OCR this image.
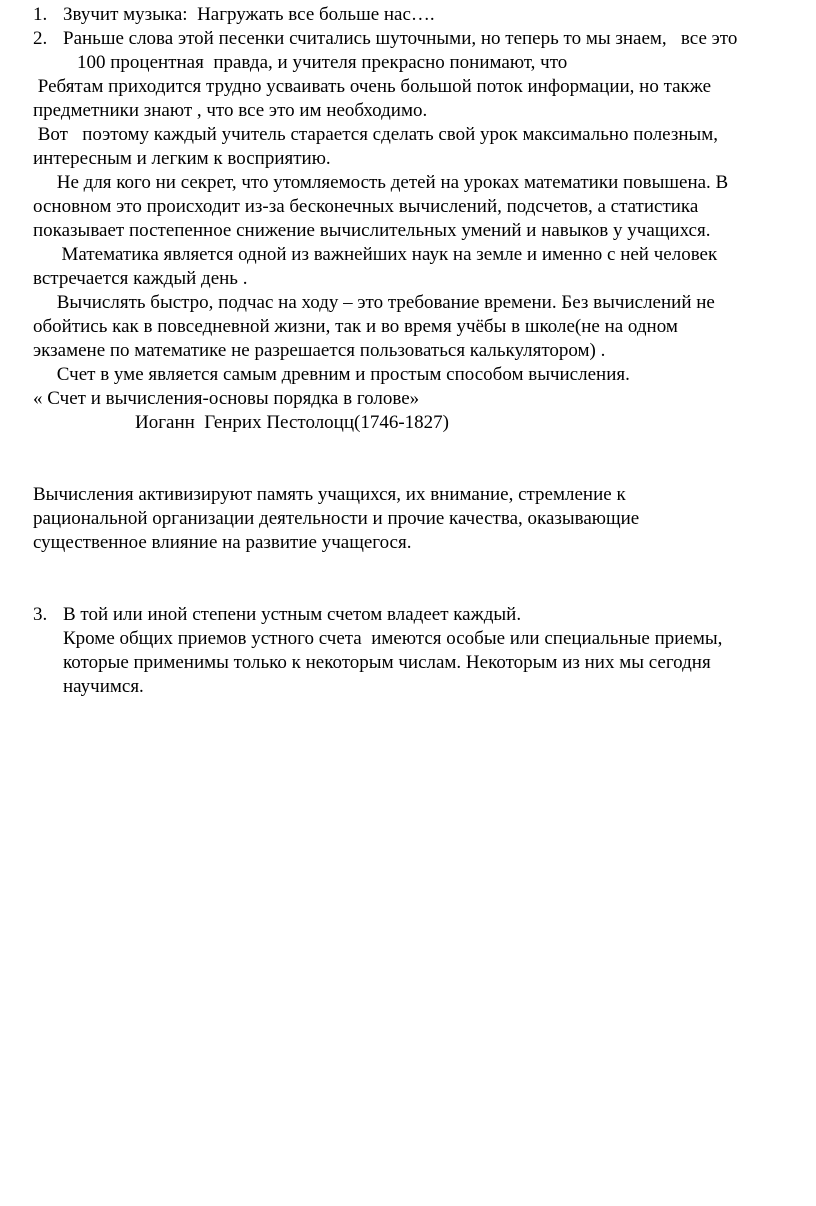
1. Звучит музыка:  Нагружать все больше нас….
2. Раньше слова этой песенки считались шуточными, но теперь то мы знаем,   все это
100 процентная  правда, и учителя прекрасно понимают, что
Ребятам приходится трудно усваивать очень большой поток информации, но также
предметники знают , что все это им необходимо.
Вот   поэтому каждый учитель старается сделать свой урок максимально полезным,
интересным и легким к восприятию.
Не для кого ни секрет, что утомляемость детей на уроках математики повышена. В
основном это происходит из-за бесконечных вычислений, подсчетов, а статистика
показывает постепенное снижение вычислительных умений и навыков у учащихся.
Математика является одной из важнейших наук на земле и именно с ней человек
встречается каждый день .
Вычислять быстро, подчас на ходу – это требование времени. Без вычислений не
обойтись как в повседневной жизни, так и во время учёбы в школе(не на одном
экзамене по математике не разрешается пользоваться калькулятором) .
Счет в уме является самым древним и простым способом вычисления.
« Счет и вычисления-основы порядка в голове»
Иоганн  Генрих Пестолоцц(1746-1827)
Вычисления активизируют память учащихся, их внимание, стремление к
рациональной организации деятельности и прочие качества, оказывающие
существенное влияние на развитие учащегося.
3. В той или иной степени устным счетом владеет каждый.
Кроме общих приемов устного счета  имеются особые или специальные приемы,
которые применимы только к некоторым числам. Некоторым из них мы сегодня
научимся.
